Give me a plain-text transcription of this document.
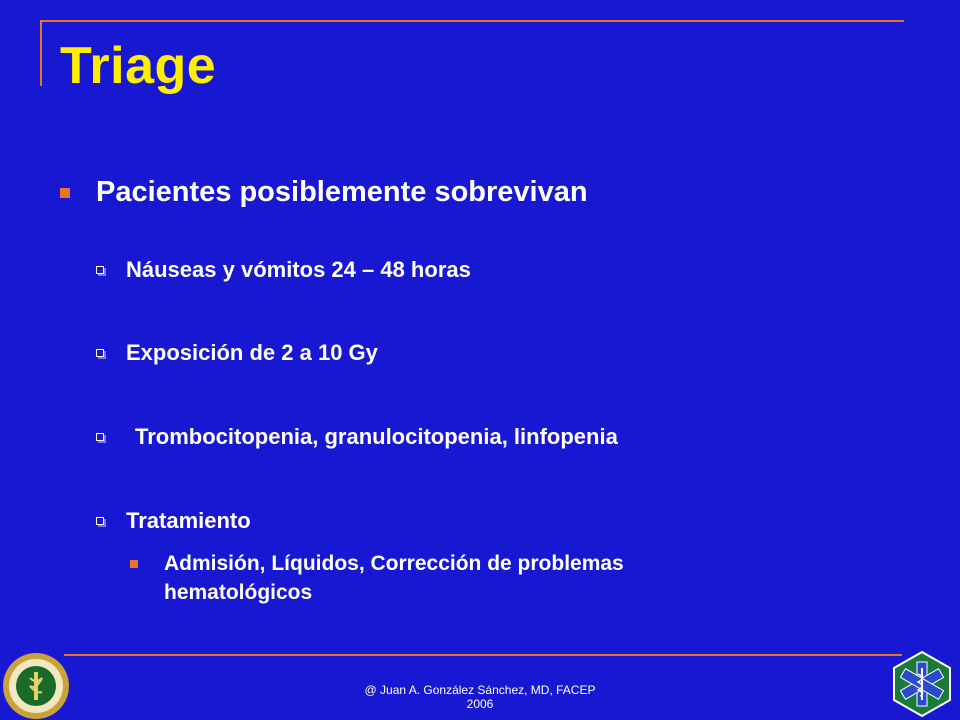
Triage
Pacientes posiblemente sobrevivan
Náuseas y vómitos 24 – 48 horas
Exposición de 2 a 10 Gy
Trombocitopenia, granulocitopenia, linfopenia
Tratamiento
Admisión, Líquidos, Corrección de problemas hematológicos
@ Juan A. González Sánchez, MD, FACEP
2006
